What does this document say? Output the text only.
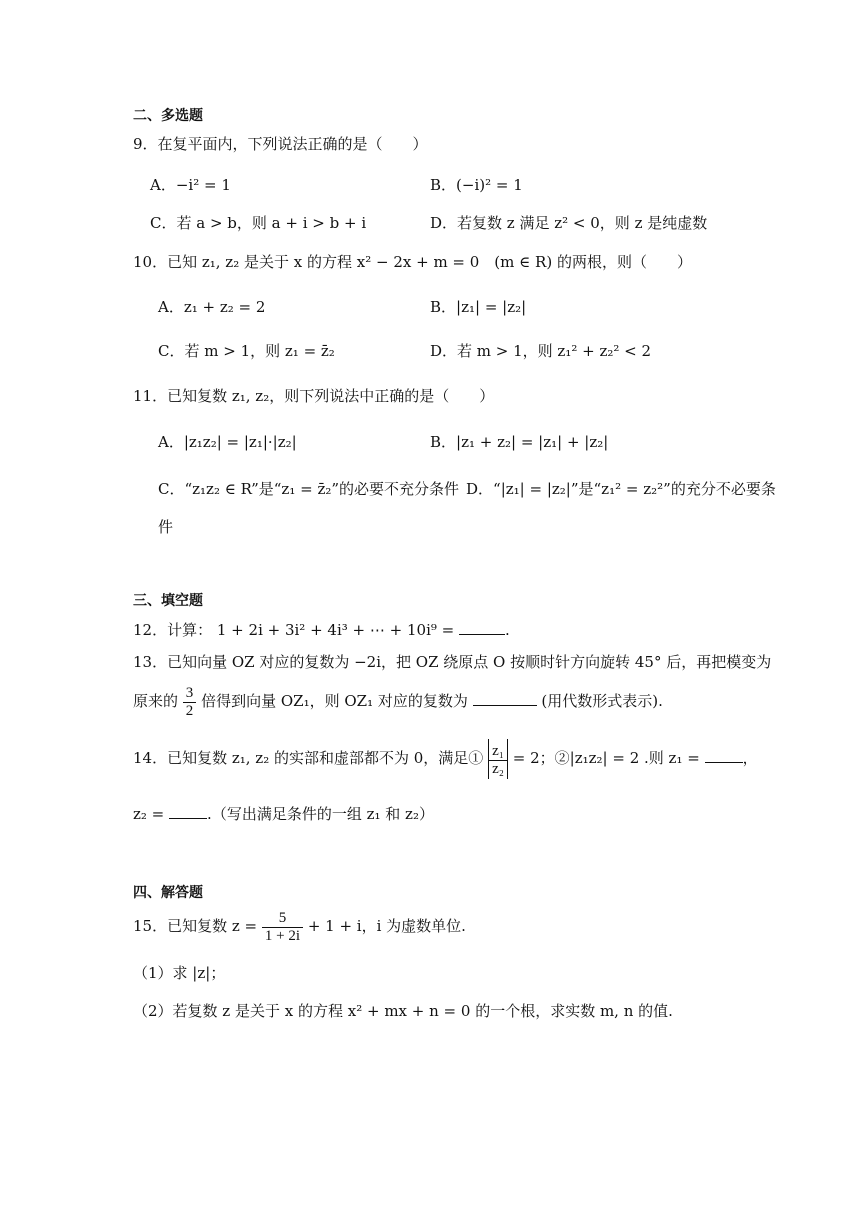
二、多选题
9．在复平面内，下列说法正确的是（　　）
A．−i² = 1	B．(−i)² = 1
C．若 a > b，则 a + i > b + i	D．若复数 z 满足 z² < 0，则 z 是纯虚数
10．已知 z₁, z₂ 是关于 x 的方程 x² − 2x + m = 0　(m ∈ R) 的两根，则（　　）
A．z₁ + z₂ = 2	B．|z₁| = |z₂|
C．若 m > 1，则 z₁ = z̄₂	D．若 m > 1，则 z₁² + z₂² < 2
11．已知复数 z₁, z₂，则下列说法中正确的是（　　）
A．|z₁z₂| = |z₁|·|z₂|	B．|z₁ + z₂| = |z₁| + |z₂|
C．“z₁z₂ ∈ R”是“z₁ = z̄₂”的必要不充分条件 D．“|z₁| = |z₂|”是“z₁² = z₂²”的充分不必要条
件
三、填空题
12．计算： 1 + 2i + 3i² + 4i³ + ⋯ + 10i⁹ =	.
13．已知向量 OZ 对应的复数为 −2i，把 OZ 绕原点 O 按顺时针方向旋转 45° 后，再把模变为
原来的 $\frac{3}{2}$ 倍得到向量 OZ₁，则 OZ₁ 对应的复数为	(用代数形式表示).
14．已知复数 z₁, z₂ 的实部和虚部都不为 0，满足① $\frac{\text{z₁}}{\text{z₂}} = 2$；②|z₁z₂| = 2 .则 z₁ =	，
z₂ =	.（写出满足条件的一组 z₁ 和 z₂）
四、解答题
15．已知复数 $z = \frac{5}{1 + 2i} + 1 + i$，i 为虚数单位.
（1）求 |z|；
（2）若复数 z 是关于 x 的方程 x² + mx + n = 0 的一个根，求实数 m, n 的值.
